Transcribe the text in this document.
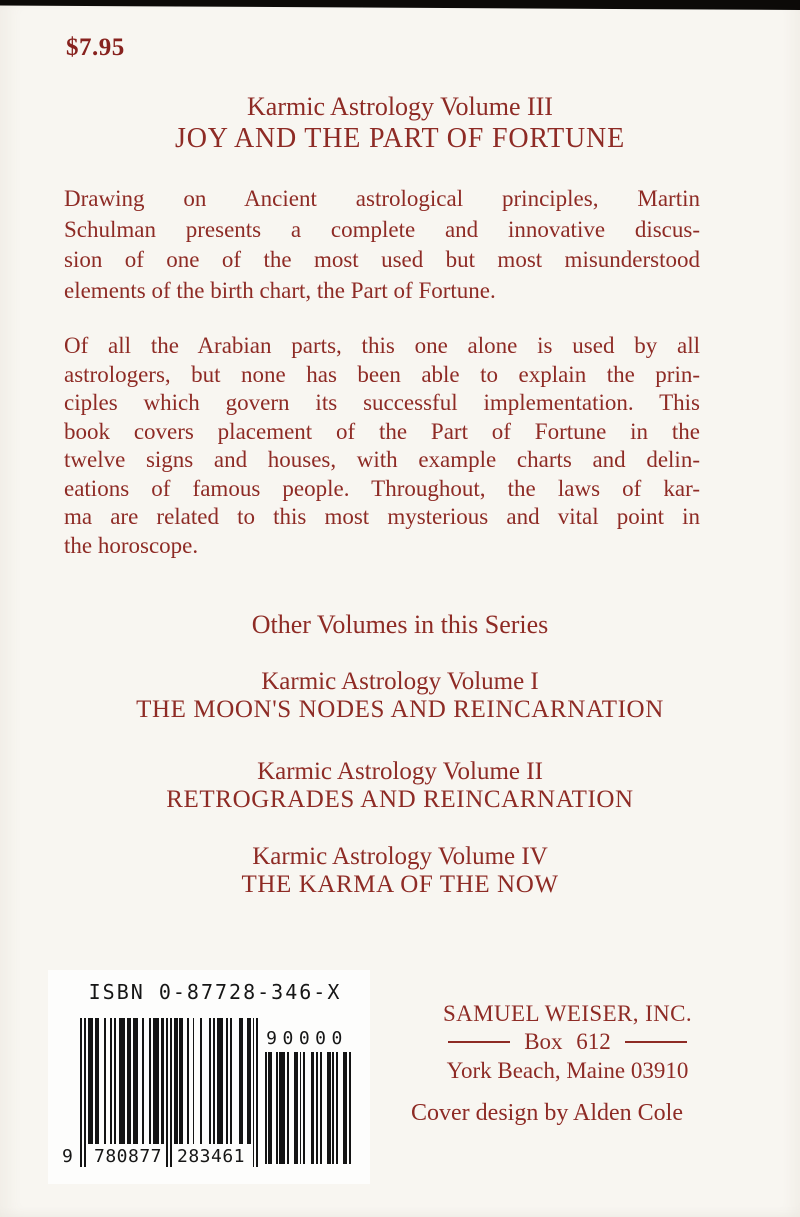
$7.95
Karmic Astrology Volume III
JOY AND THE PART OF FORTUNE
Drawing on Ancient astrological principles, Martin
Schulman presents a complete and innovative discus-
sion of one of the most used but most misunderstood
elements of the birth chart, the Part of Fortune.
Of all the Arabian parts, this one alone is used by all
astrologers, but none has been able to explain the prin-
ciples which govern its successful implementation. This
book covers placement of the Part of Fortune in the
twelve signs and houses, with example charts and delin-
eations of famous people. Throughout, the laws of kar-
ma are related to this most mysterious and vital point in
the horoscope.
Other Volumes in this Series
Karmic Astrology Volume I
THE MOON'S NODES AND REINCARNATION
Karmic Astrology Volume II
RETROGRADES AND REINCARNATION
Karmic Astrology Volume IV
THE KARMA OF THE NOW
ISBN 0-87728-346-X
9 780877 283461
90000
SAMUEL WEISER, INC.
Box 612
York Beach, Maine 03910
Cover design by Alden Cole
